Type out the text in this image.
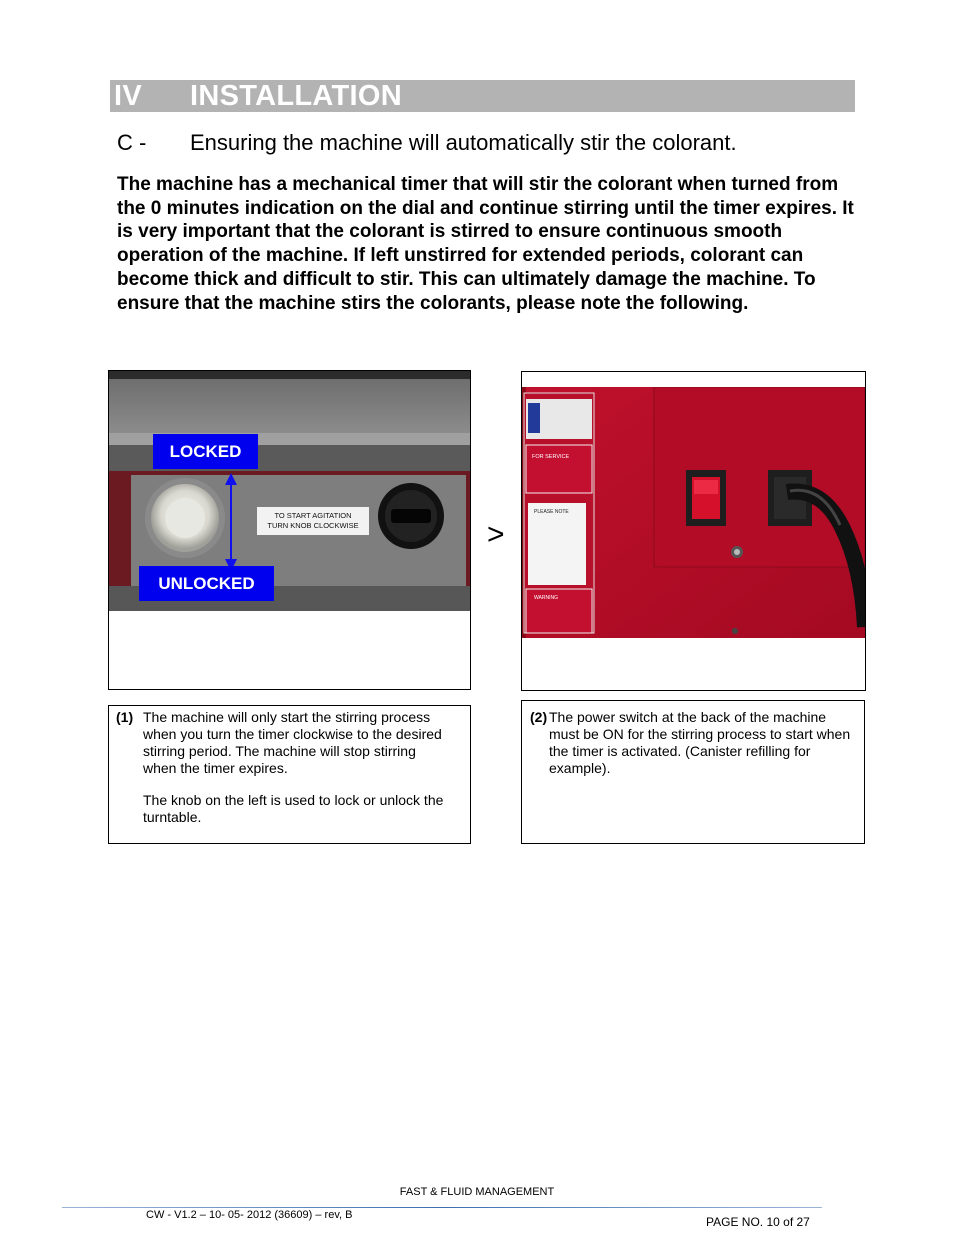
IV INSTALLATION
C - Ensuring the machine will automatically stir the colorant.
The machine has a mechanical timer that will stir the colorant when turned from the 0 minutes indication on the dial and continue stirring until the timer expires. It is very important that the colorant is stirred to ensure continuous smooth operation of the machine. If left unstirred for extended periods, colorant can become thick and difficult to stir. This can ultimately damage the machine. To ensure that the machine stirs the colorants, please note the following.
TO START AGITATION
TURN KNOB CLOCKWISE
LOCKED
UNLOCKED
>
FOR SERVICE
PLEASE NOTE
WARNING
(1) The machine will only start the stirring process when you turn the timer clockwise to the desired stirring period. The machine will stop stirring when the timer expires.
The knob on the left is used to lock or unlock the turntable.
(2) The power switch at the back of the machine must be ON for the stirring process to start when the timer is activated. (Canister refilling for example).
FAST & FLUID MANAGEMENT
CW - V1.2 – 10- 05- 2012 (36609) – rev, B	PAGE NO. 10 of 27
